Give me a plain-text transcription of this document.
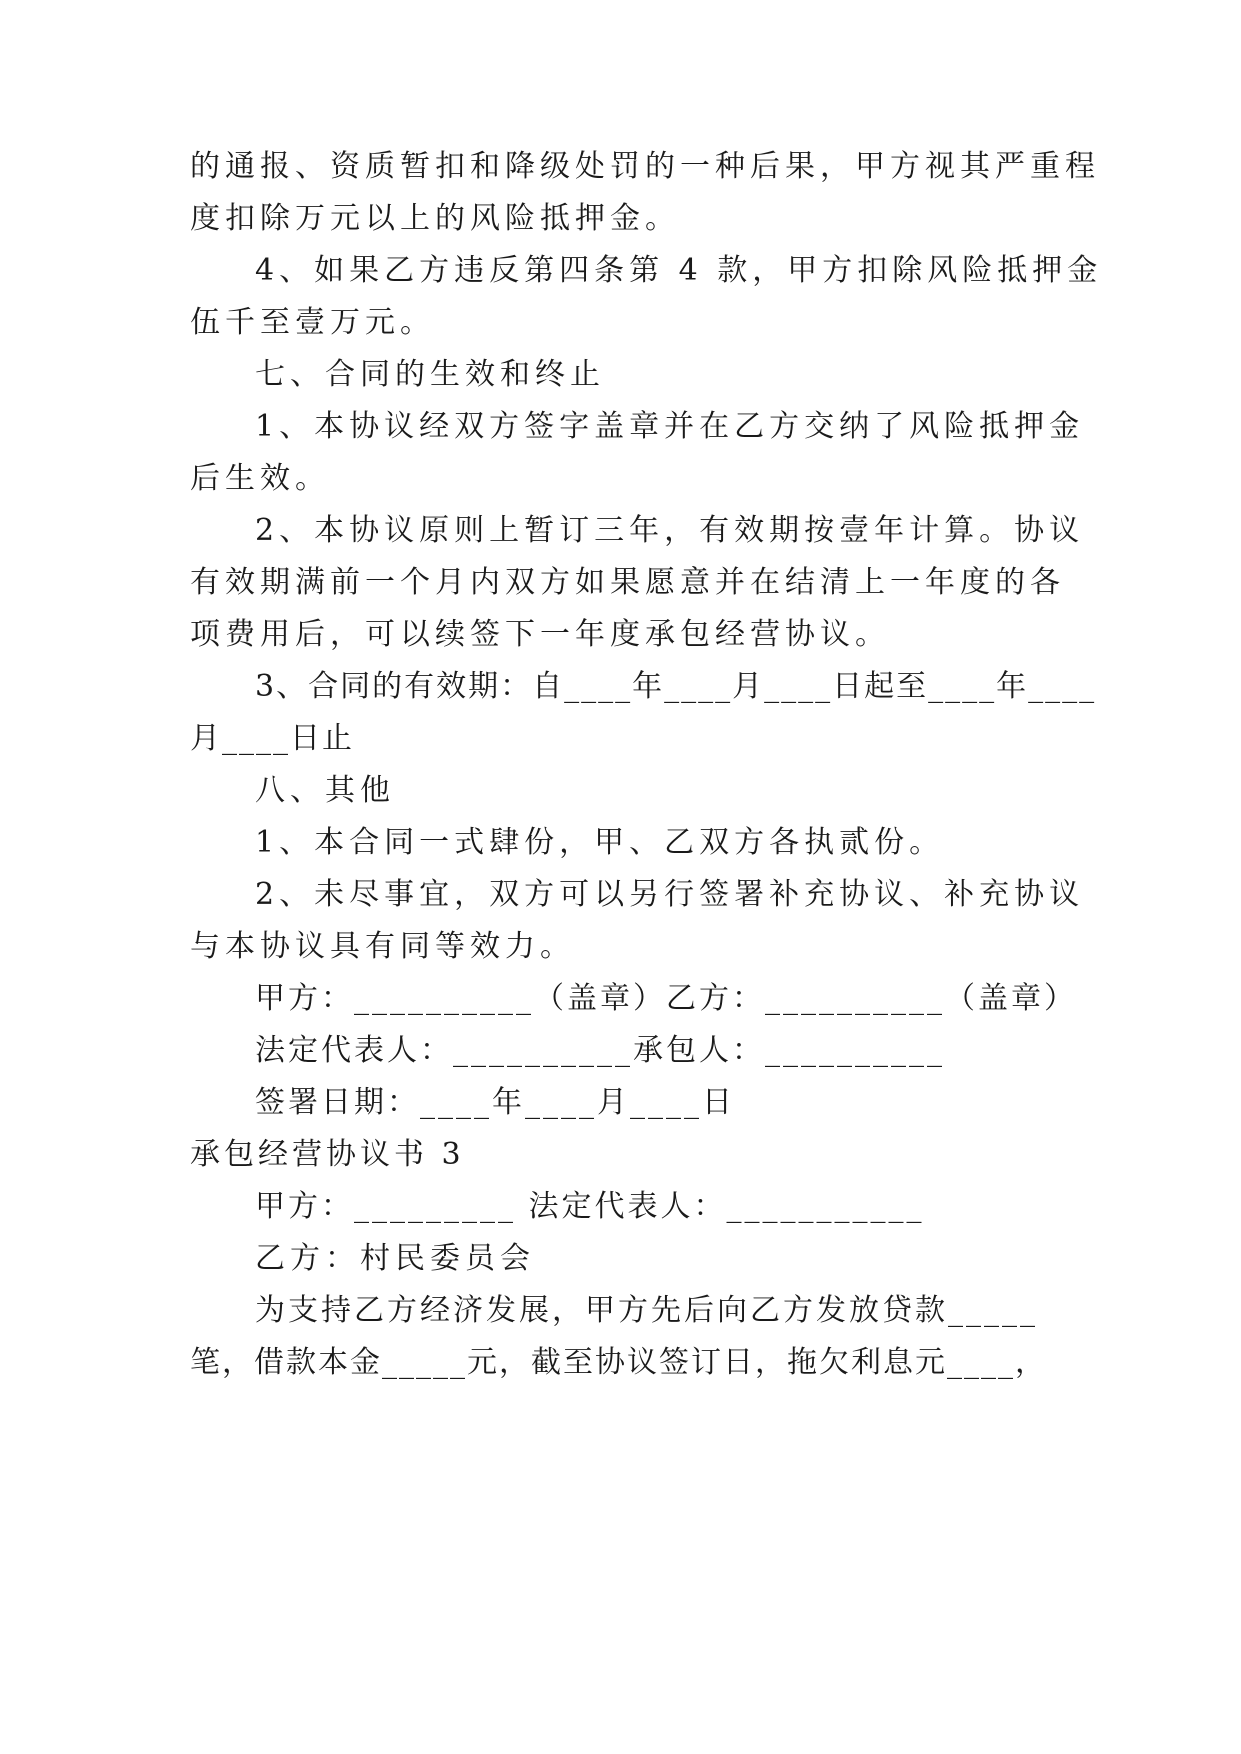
的通报、资质暂扣和降级处罚的一种后果，甲方视其严重程

度扣除万元以上的风险抵押金。

4、如果乙方违反第四条第 4 款，甲方扣除风险抵押金

伍千至壹万元。

七、合同的生效和终止

1、本协议经双方签字盖章并在乙方交纳了风险抵押金

后生效。

2、本协议原则上暂订三年，有效期按壹年计算。协议

有效期满前一个月内双方如果愿意并在结清上一年度的各

项费用后，可以续签下一年度承包经营协议。

3、合同的有效期：自____年____月____日起至____年____

月____日止

八、其他

1、本合同一式肆份，甲、乙双方各执贰份。

2、未尽事宜，双方可以另行签署补充协议、补充协议

与本协议具有同等效力。

甲方：__________（盖章）乙方：__________（盖章）

法定代表人：__________承包人：__________

签署日期：____年____月____日

承包经营协议书 3

甲方：_________ 法定代表人：___________

乙方：村民委员会

为支持乙方经济发展，甲方先后向乙方发放贷款_____

笔，借款本金_____元，截至协议签订日，拖欠利息元____，
